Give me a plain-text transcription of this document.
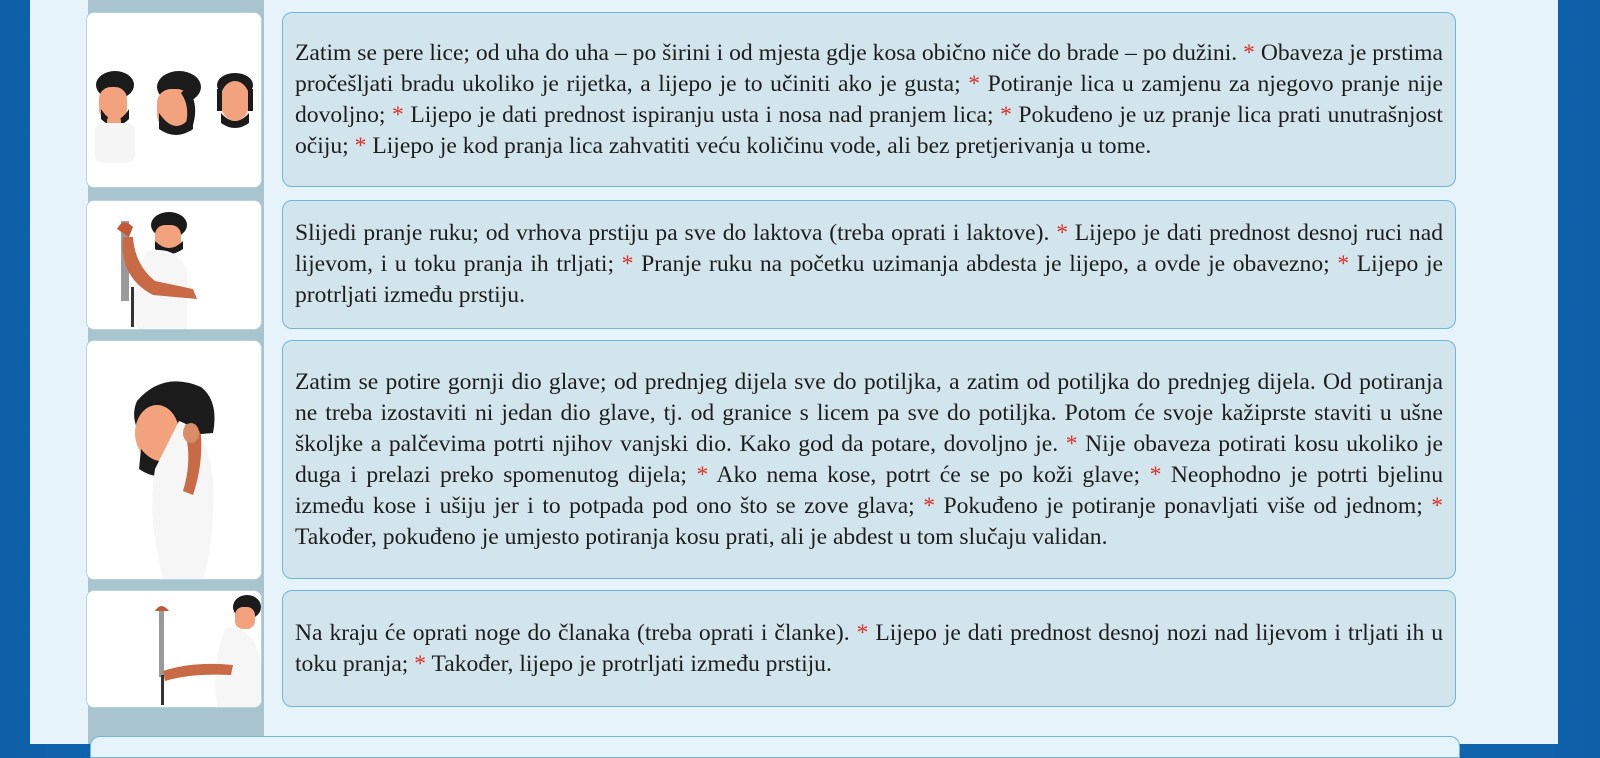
Zatim se pere lice; od uha do uha – po širini i od mjesta gdje kosa obično niče do brade – po dužini. * Obaveza je prstima pročešljati bradu ukoliko je rijetka, a lijepo je to učiniti ako je gusta; * Potiranje lica u zamjenu za njegovo pranje nije dovoljno; * Lijepo je dati prednost ispiranju usta i nosa nad pranjem lica; * Pokuđeno je uz pranje lica prati unutrašnjost očiju; * Lijepo je kod pranja lica zahvatiti veću količinu vode, ali bez pretjerivanja u tome.

Slijedi pranje ruku; od vrhova prstiju pa sve do laktova (treba oprati i laktove). * Lijepo je dati prednost desnoj ruci nad lijevom, i u toku pranja ih trljati; * Pranje ruku na početku uzimanja abdesta je lijepo, a ovde je obavezno; * Lijepo je protrljati između prstiju.

Zatim se potire gornji dio glave; od prednjeg dijela sve do potiljka, a zatim od potiljka do prednjeg dijela. Od potiranja ne treba izostaviti ni jedan dio glave, tj. od granice s licem pa sve do potiljka. Potom će svoje kažiprste staviti u ušne školjke a palčevima potrti njihov vanjski dio. Kako god da potare, dovoljno je. * Nije obaveza potirati kosu ukoliko je duga i prelazi preko spomenutog dijela; * Ako nema kose, potrt će se po koži glave; * Neophodno je potrti bjelinu između kose i ušiju jer i to potpada pod ono što se zove glava; * Pokuđeno je potiranje ponavljati više od jednom; * Također, pokuđeno je umjesto potiranja kosu prati, ali je abdest u tom slučaju validan.

Na kraju će oprati noge do članaka (treba oprati i članke). * Lijepo je dati prednost desnoj nozi nad lijevom i trljati ih u toku pranja; * Također, lijepo je protrljati između prstiju.
